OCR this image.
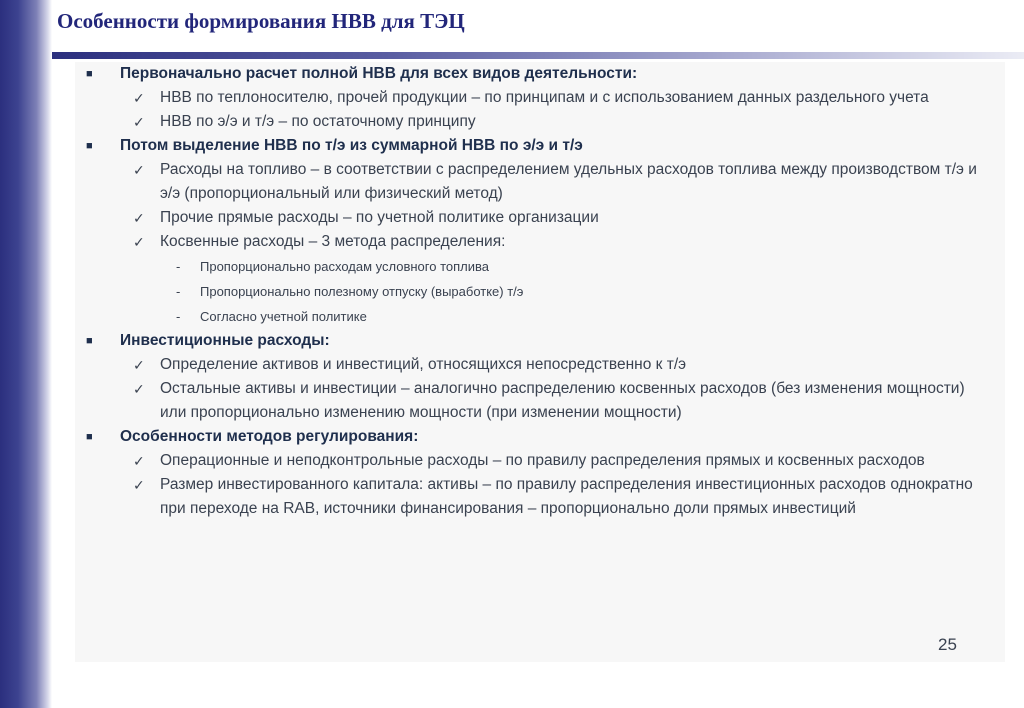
Особенности формирования НВВ для ТЭЦ
■ Первоначально расчет полной НВВ для всех видов деятельности:
✓ НВВ по теплоносителю, прочей продукции – по принципам и с использованием данных раздельного учета
✓ НВВ по э/э и т/э – по остаточному принципу
■ Потом выделение НВВ по т/э из суммарной НВВ по э/э и т/э
✓ Расходы на топливо – в соответствии с распределением удельных расходов топлива между производством т/э и э/э (пропорциональный или физический метод)
✓ Прочие прямые расходы – по учетной политике организации
✓ Косвенные расходы – 3 метода распределения:
- Пропорционально расходам условного топлива
- Пропорционально полезному отпуску (выработке) т/э
- Согласно учетной политике
■ Инвестиционные расходы:
✓ Определение активов и инвестиций, относящихся непосредственно к т/э
✓ Остальные активы и инвестиции – аналогично распределению косвенных расходов (без изменения мощности) или пропорционально изменению мощности (при изменении мощности)
■ Особенности методов регулирования:
✓ Операционные и неподконтрольные расходы – по правилу распределения прямых и косвенных расходов
✓ Размер инвестированного капитала: активы – по правилу распределения инвестиционных расходов однократно при переходе на RAB, источники финансирования – пропорционально доли прямых инвестиций
25
